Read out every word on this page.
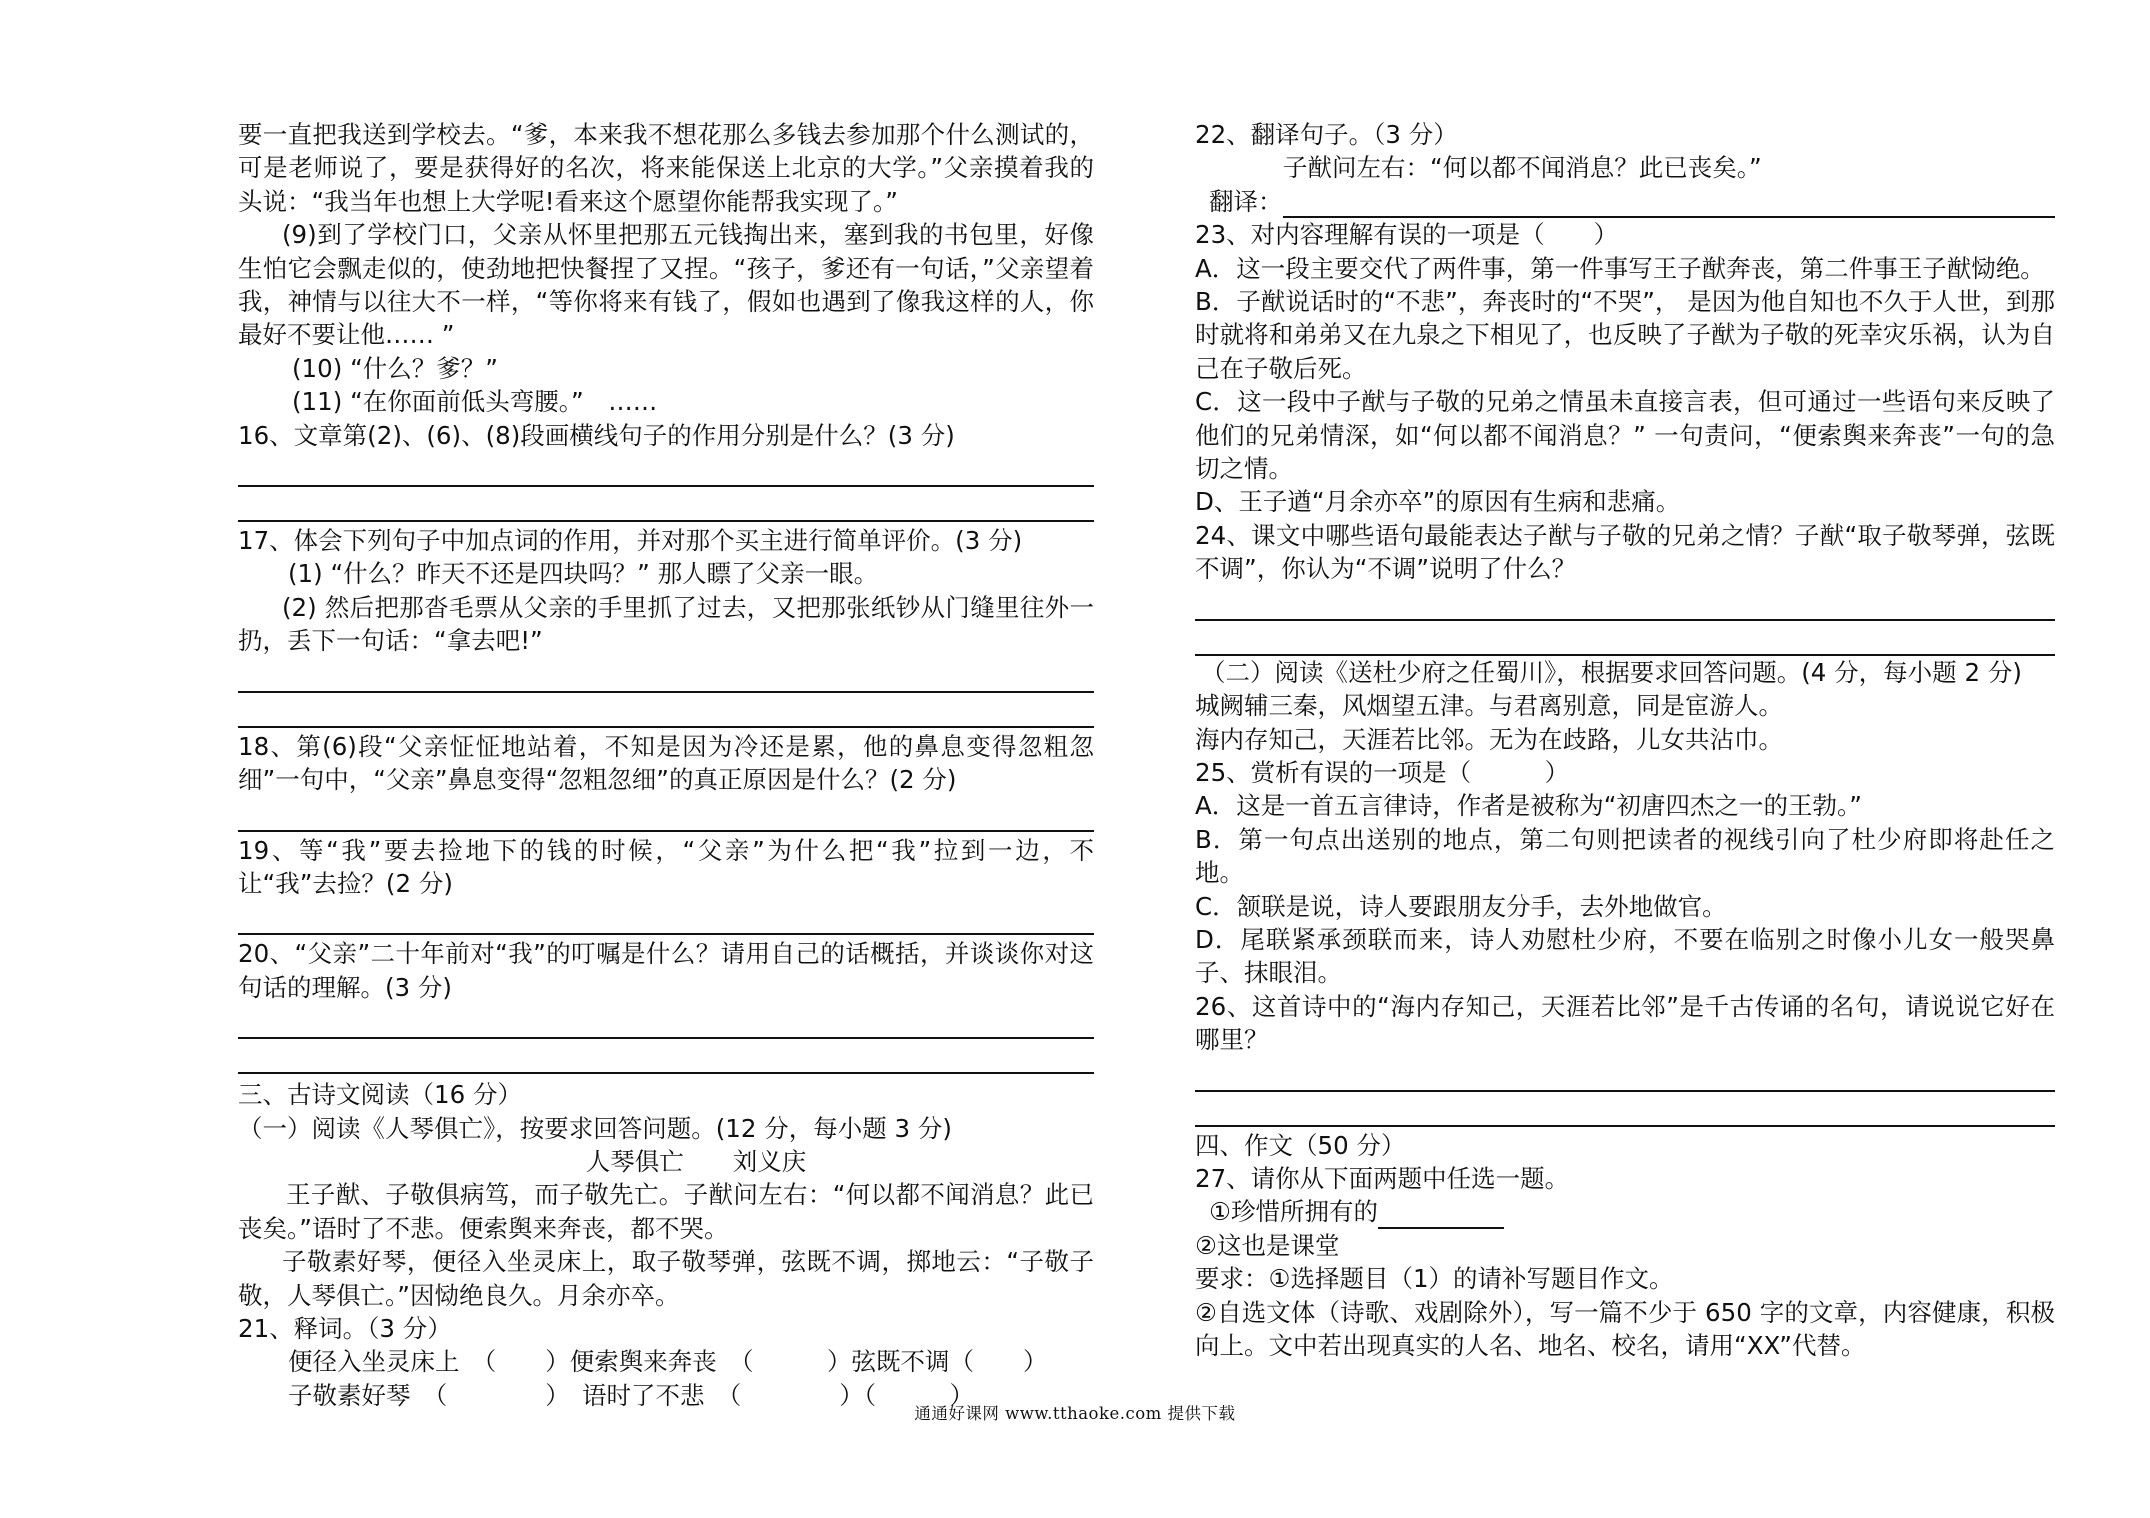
要一直把我送到学校去。“爹，本来我不想花那么多钱去参加那个什么测试的，可是老师说了，要是获得好的名次，将来能保送上北京的大学。”父亲摸着我的头说：“我当年也想上大学呢!看来这个愿望你能帮我实现了。”

(9)到了学校门口，父亲从怀里把那五元钱掏出来，塞到我的书包里，好像生怕它会飘走似的，使劲地把快餐捏了又捏。“孩子，爹还有一句话，”父亲望着我，神情与以往大不一样，“等你将来有钱了，假如也遇到了像我这样的人，你最好不要让他…… ”

(10) “什么？爹？”

(11) “在你面前低头弯腰。”　……

16、文章第(2)、(6)、(8)段画横线句子的作用分别是什么？(3 分)

17、体会下列句子中加点词的作用，并对那个买主进行简单评价。(3 分)

(1) “什么？昨天不还是四块吗？” 那人瞟了父亲一眼。

(2) 然后把那沓毛票从父亲的手里抓了过去，又把那张纸钞从门缝里往外一扔，丢下一句话：“拿去吧!”

18、第(6)段“父亲怔怔地站着，不知是因为冷还是累，他的鼻息变得忽粗忽细”一句中，“父亲”鼻息变得“忽粗忽细”的真正原因是什么？(2 分)

19、等“我”要去捡地下的钱的时候，“父亲”为什么把“我”拉到一边，不让“我”去捡？(2 分)

20、“父亲”二十年前对“我”的叮嘱是什么？请用自己的话概括，并谈谈你对这句话的理解。(3 分)

三、古诗文阅读（16 分）

（一）阅读《人琴俱亡》，按要求回答问题。(12 分，每小题 3 分)

人琴俱亡　　刘义庆

王子猷、子敬俱病笃，而子敬先亡。子猷问左右：“何以都不闻消息？此已丧矣。”语时了不悲。便索舆来奔丧，都不哭。

子敬素好琴，便径入坐灵床上，取子敬琴弹，弦既不调，掷地云：“子敬子敬，人琴俱亡。”因恸绝良久。月余亦卒。

21、释词。（3 分）

便径入坐灵床上　（　　）便索舆来奔丧　（　　　）弦既不调（　　）

子敬素好琴　（　　　　）　语时了不悲　（　　　　）（　　　）

22、翻译句子。（3 分）

子猷问左右：“何以都不闻消息？此已丧矣。”

翻译：

23、对内容理解有误的一项是（　　）

A．这一段主要交代了两件事，第一件事写王子猷奔丧，第二件事王子猷恸绝。

B．子猷说话时的“不悲”，奔丧时的“不哭”， 是因为他自知也不久于人世，到那时就将和弟弟又在九泉之下相见了，也反映了子猷为子敬的死幸灾乐祸，认为自己在子敬后死。

C．这一段中子猷与子敬的兄弟之情虽未直接言表，但可通过一些语句来反映了他们的兄弟情深，如“何以都不闻消息？” 一句责问，“便索舆来奔丧”一句的急切之情。

D、王子遒“月余亦卒”的原因有生病和悲痛。

24、课文中哪些语句最能表达子猷与子敬的兄弟之情？子猷“取子敬琴弹，弦既不调”，你认为“不调”说明了什么？

（二）阅读《送杜少府之任蜀川》，根据要求回答问题。(4 分，每小题 2 分)

城阙辅三秦，风烟望五津。与君离别意，同是宦游人。

海内存知己，天涯若比邻。无为在歧路，儿女共沾巾。

25、赏析有误的一项是（　　　）

A．这是一首五言律诗，作者是被称为“初唐四杰之一的王勃。”

B．第一句点出送别的地点，第二句则把读者的视线引向了杜少府即将赴任之地。

C．颔联是说，诗人要跟朋友分手，去外地做官。

D．尾联紧承颈联而来，诗人劝慰杜少府，不要在临别之时像小儿女一般哭鼻子、抹眼泪。

26、这首诗中的“海内存知己，天涯若比邻”是千古传诵的名句，请说说它好在哪里？

四、作文（50 分）

27、请你从下面两题中任选一题。

①珍惜所拥有的

②这也是课堂

要求：①选择题目（1）的请补写题目作文。

②自选文体（诗歌、戏剧除外），写一篇不少于 650 字的文章，内容健康，积极向上。文中若出现真实的人名、地名、校名，请用“XX”代替。

通通好课网 www.tthaoke.com 提供下载
